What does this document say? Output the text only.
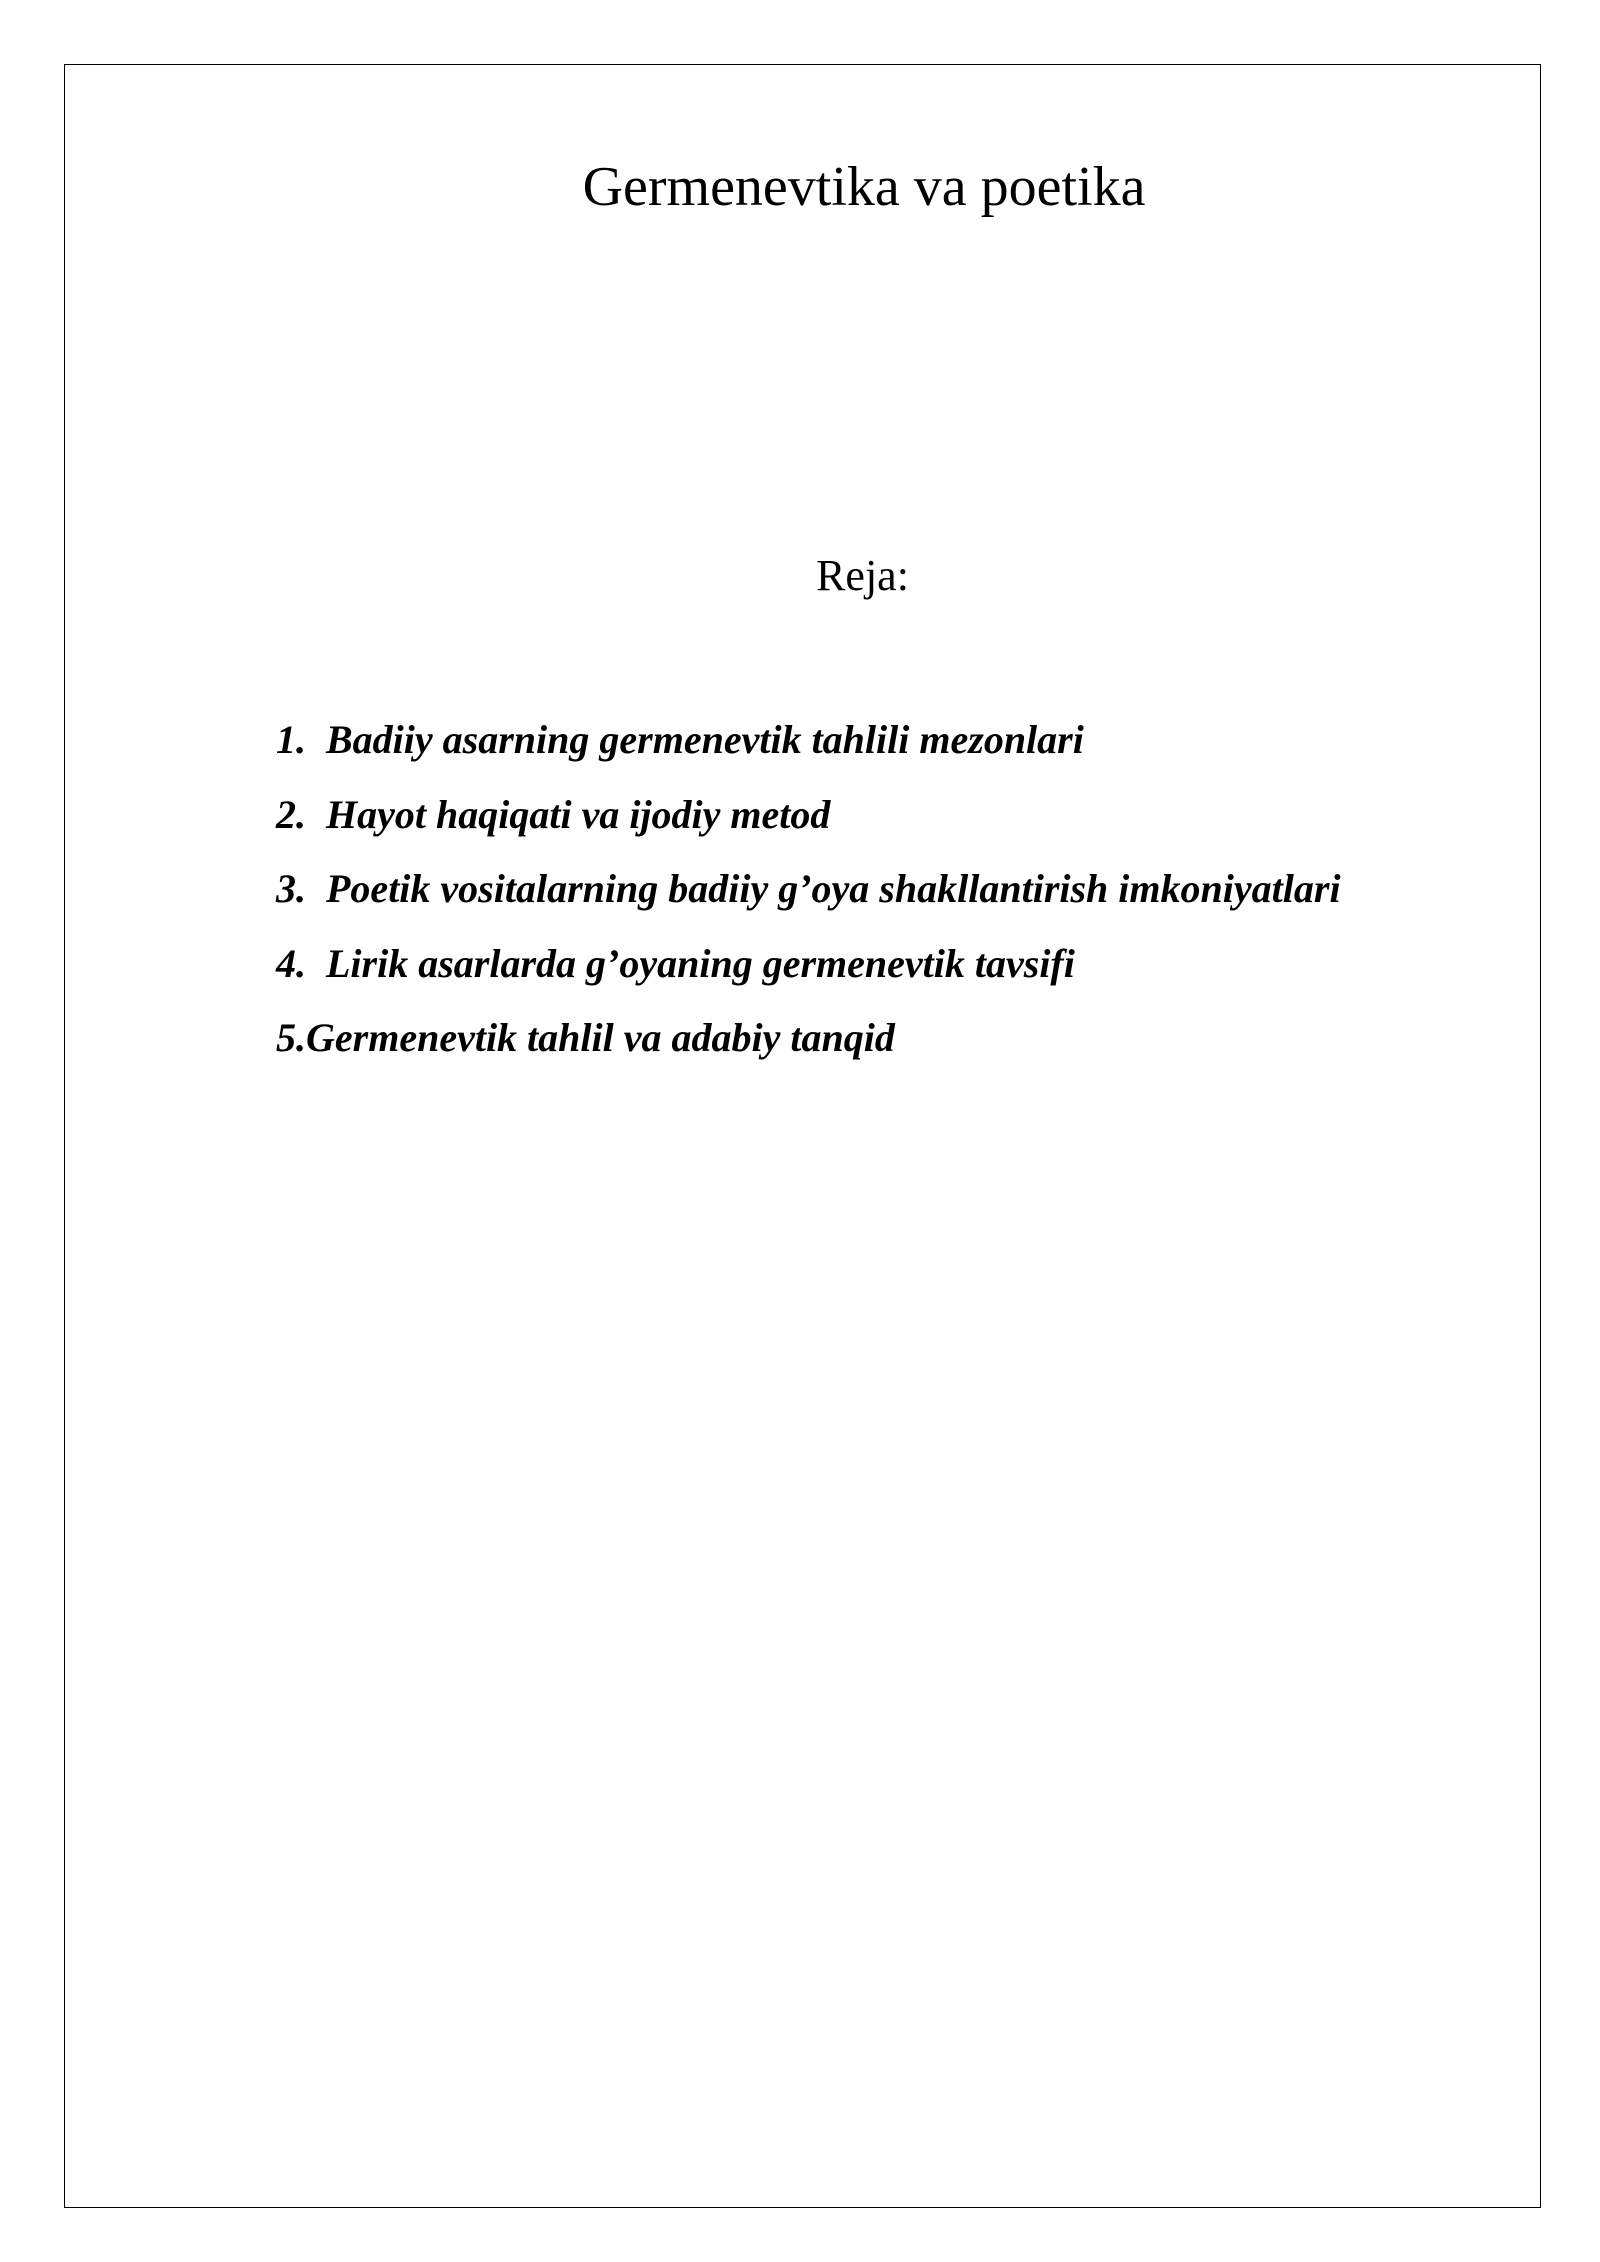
Germenevtika va poetika

Reja:

1. Badiiy asarning germenevtik tahlili mezonlari
2. Hayot haqiqati va ijodiy metod
3. Poetik vositalarning badiiy g’oya shakllantirish imkoniyatlari
4. Lirik asarlarda g’oyaning germenevtik tavsifi
5.Germenevtik tahlil va adabiy tanqid
